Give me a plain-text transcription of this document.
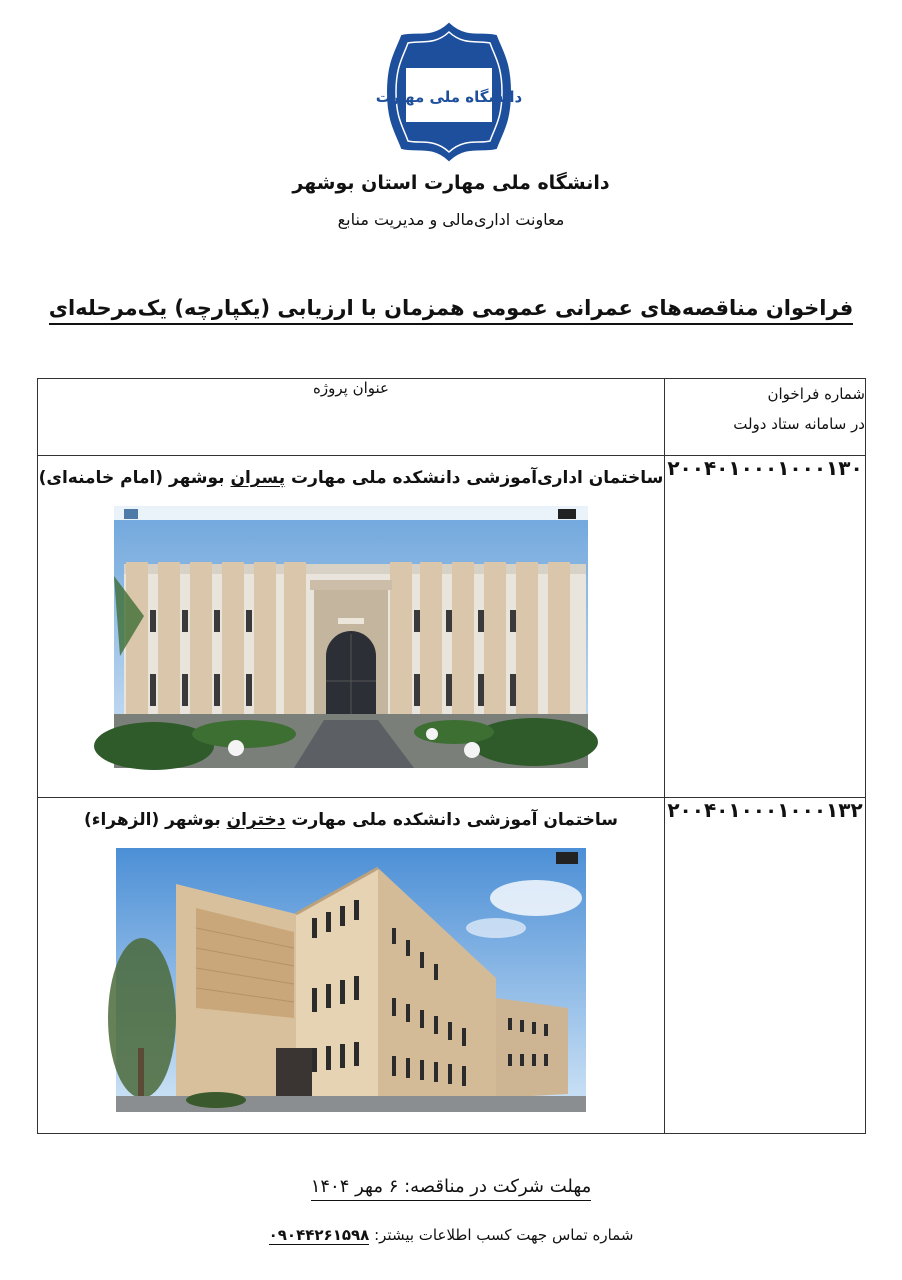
دانشگاه ملی مهارت
دانشگاه ملی مهارت استان بوشهر
معاونت اداری‌مالی و مدیریت منابع
فراخوان مناقصه‌های عمرانی عمومی همزمان با ارزیابی (یکپارچه) یک‌مرحله‌ای
شماره فراخوان
در سامانه ستاد دولت	عنوان پروژه
۲۰۰۴۰۱۰۰۰۱۰۰۰۱۳۰	ساختمان اداری‌آموزشی دانشکده ملی مهارت پسران بوشهر (امام خامنه‌ای)

۲۰۰۴۰۱۰۰۰۱۰۰۰۱۳۲	ساختمان آموزشی دانشکده ملی مهارت دختران بوشهر (الزهراء)
مهلت شرکت در مناقصه: ۶ مهر ۱۴۰۴
شماره تماس جهت کسب اطلاعات بیشتر: ۰۹۰۴۴۲۶۱۵۹۸
